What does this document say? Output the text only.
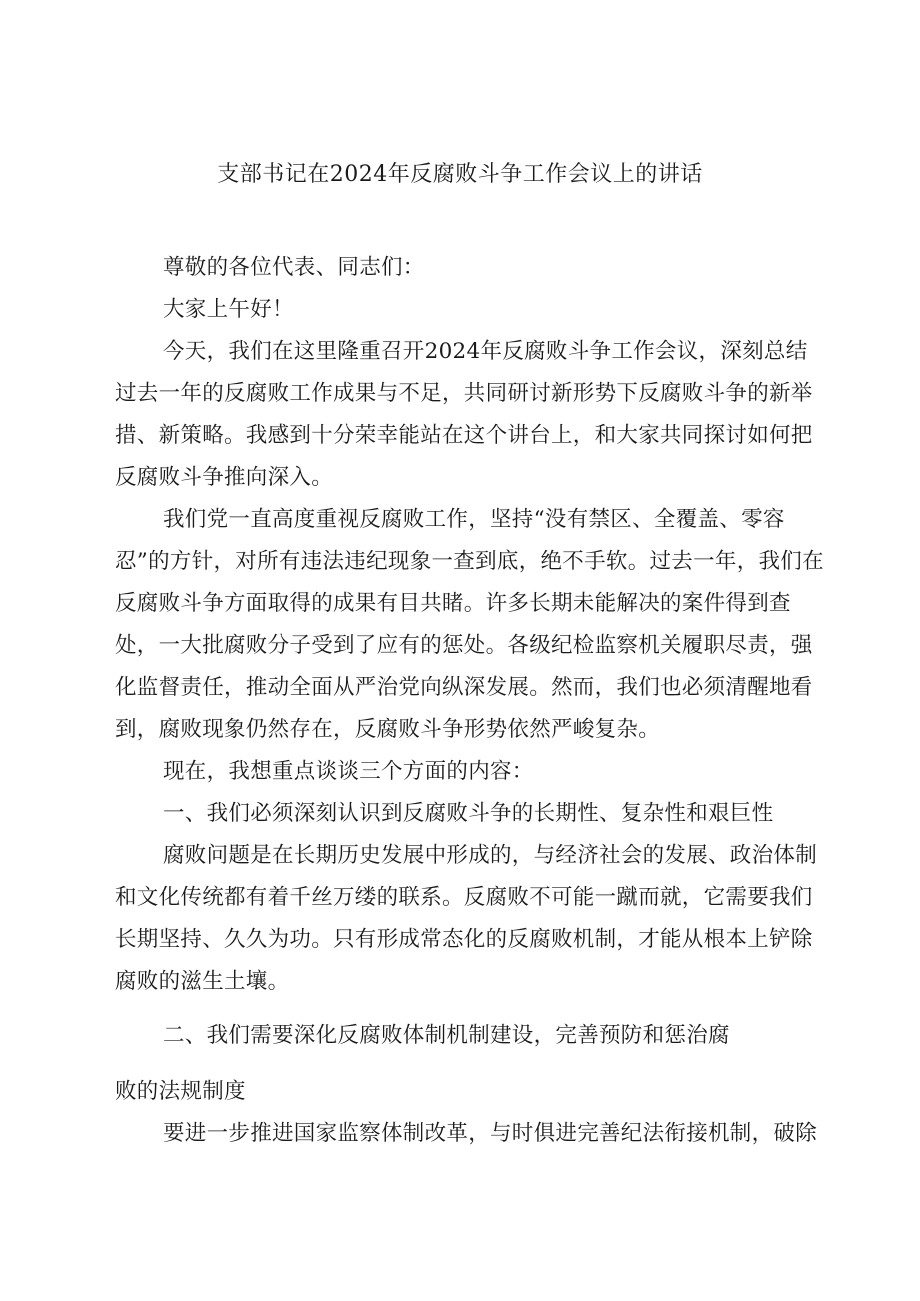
支部书记在2024年反腐败斗争工作会议上的讲话

尊敬的各位代表、同志们：

大家上午好！

今天，我们在这里隆重召开2024年反腐败斗争工作会议，深刻总结过去一年的反腐败工作成果与不足，共同研讨新形势下反腐败斗争的新举措、新策略。我感到十分荣幸能站在这个讲台上，和大家共同探讨如何把反腐败斗争推向深入。

我们党一直高度重视反腐败工作，坚持“没有禁区、全覆盖、零容忍”的方针，对所有违法违纪现象一查到底，绝不手软。过去一年，我们在反腐败斗争方面取得的成果有目共睹。许多长期未能解决的案件得到查处，一大批腐败分子受到了应有的惩处。各级纪检监察机关履职尽责，强化监督责任，推动全面从严治党向纵深发展。然而，我们也必须清醒地看到，腐败现象仍然存在，反腐败斗争形势依然严峻复杂。

现在，我想重点谈谈三个方面的内容：

一、我们必须深刻认识到反腐败斗争的长期性、复杂性和艰巨性

腐败问题是在长期历史发展中形成的，与经济社会的发展、政治体制和文化传统都有着千丝万缕的联系。反腐败不可能一蹴而就，它需要我们长期坚持、久久为功。只有形成常态化的反腐败机制，才能从根本上铲除腐败的滋生土壤。

二、我们需要深化反腐败体制机制建设，完善预防和惩治腐

败的法规制度

要进一步推进国家监察体制改革，与时俱进完善纪法衔接机制，破除
